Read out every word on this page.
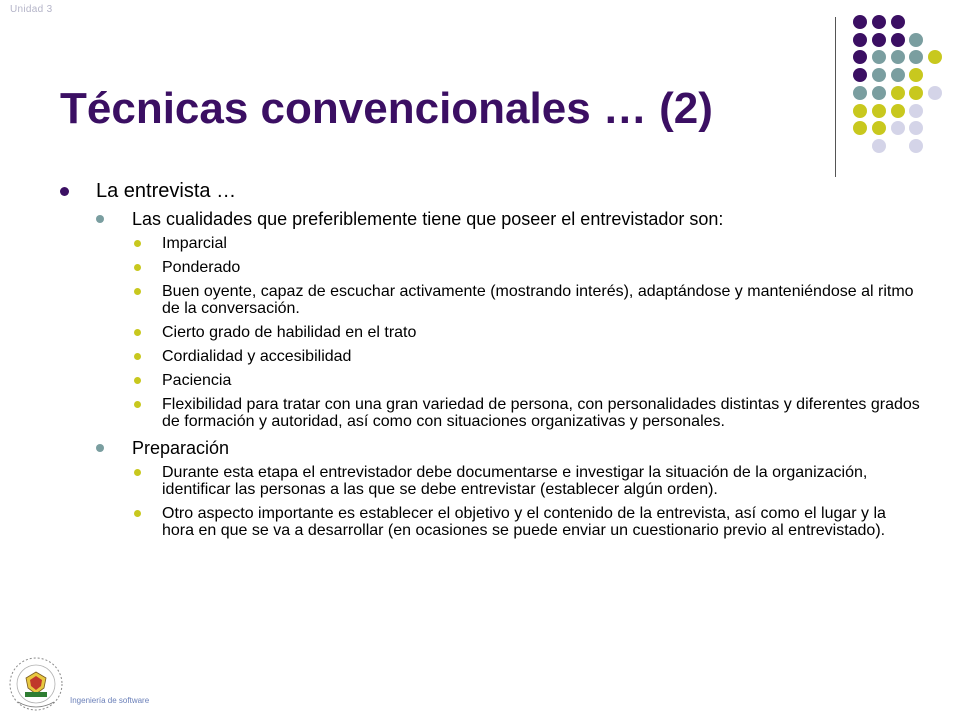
Unidad 3
Técnicas convencionales … (2)
La entrevista …
Las cualidades que preferiblemente tiene que poseer el entrevistador son:
Imparcial
Ponderado
Buen oyente, capaz de escuchar activamente (mostrando interés), adaptándose y manteniéndose al ritmo de la conversación.
Cierto grado de habilidad en el trato
Cordialidad y accesibilidad
Paciencia
Flexibilidad para tratar con una gran variedad de persona, con personalidades distintas y diferentes grados de formación y autoridad, así como con situaciones organizativas y personales.
Preparación
Durante esta etapa el entrevistador debe documentarse e investigar la situación de la organización, identificar las personas a las que se debe entrevistar (establecer algún orden).
Otro aspecto importante es establecer el objetivo y el contenido de la entrevista, así como el lugar y la hora en que se va a desarrollar (en ocasiones se puede enviar un cuestionario previo al entrevistado).
Ingeniería de software
